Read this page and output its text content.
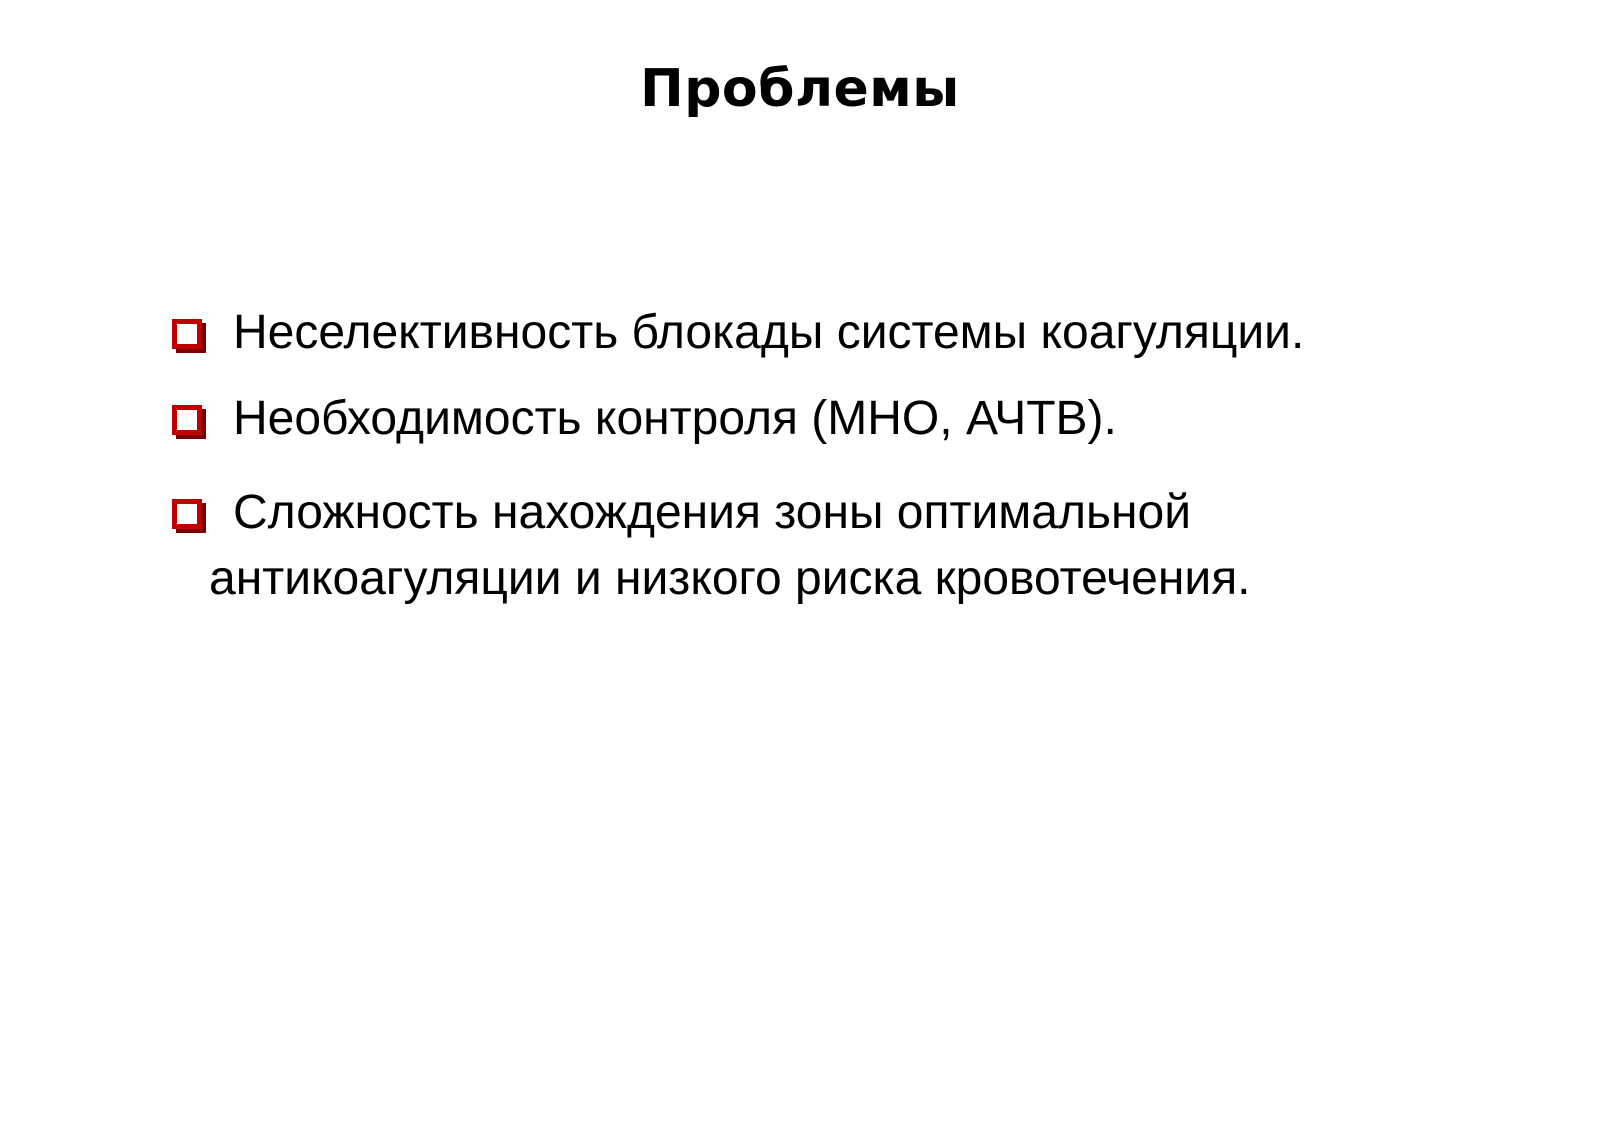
Проблемы
Неселективность блокады системы коагуляции.
Необходимость контроля (МНО, АЧТВ).
Сложность нахождения зоны оптимальной
антикоагуляции и низкого риска кровотечения.
